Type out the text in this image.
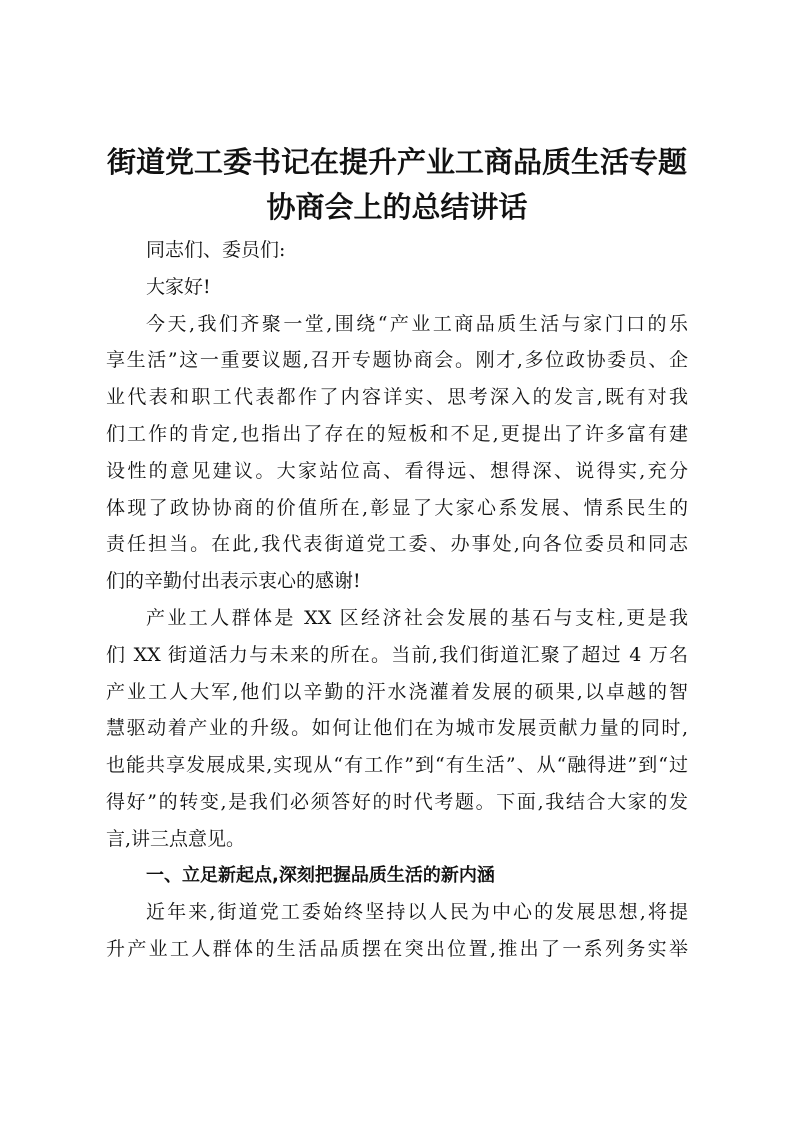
街道党工委书记在提升产业工商品质生活专题
协商会上的总结讲话

同志们、委员们:

大家好!

今天,我们齐聚一堂,围绕“产业工商品质生活与家门口的乐
享生活”这一重要议题,召开专题协商会。刚才,多位政协委员、企
业代表和职工代表都作了内容详实、思考深入的发言,既有对我
们工作的肯定,也指出了存在的短板和不足,更提出了许多富有建
设性的意见建议。大家站位高、看得远、想得深、说得实,充分
体现了政协协商的价值所在,彰显了大家心系发展、情系民生的
责任担当。在此,我代表街道党工委、办事处,向各位委员和同志
们的辛勤付出表示衷心的感谢!

产业工人群体是 XX 区经济社会发展的基石与支柱,更是我
们 XX 街道活力与未来的所在。当前,我们街道汇聚了超过 4 万名
产业工人大军,他们以辛勤的汗水浇灌着发展的硕果,以卓越的智
慧驱动着产业的升级。如何让他们在为城市发展贡献力量的同时,
也能共享发展成果,实现从“有工作”到“有生活”、从“融得进”到“过
得好”的转变,是我们必须答好的时代考题。下面,我结合大家的发
言,讲三点意见。

一、立足新起点,深刻把握品质生活的新内涵

近年来,街道党工委始终坚持以人民为中心的发展思想,将提
升产业工人群体的生活品质摆在突出位置,推出了一系列务实举
